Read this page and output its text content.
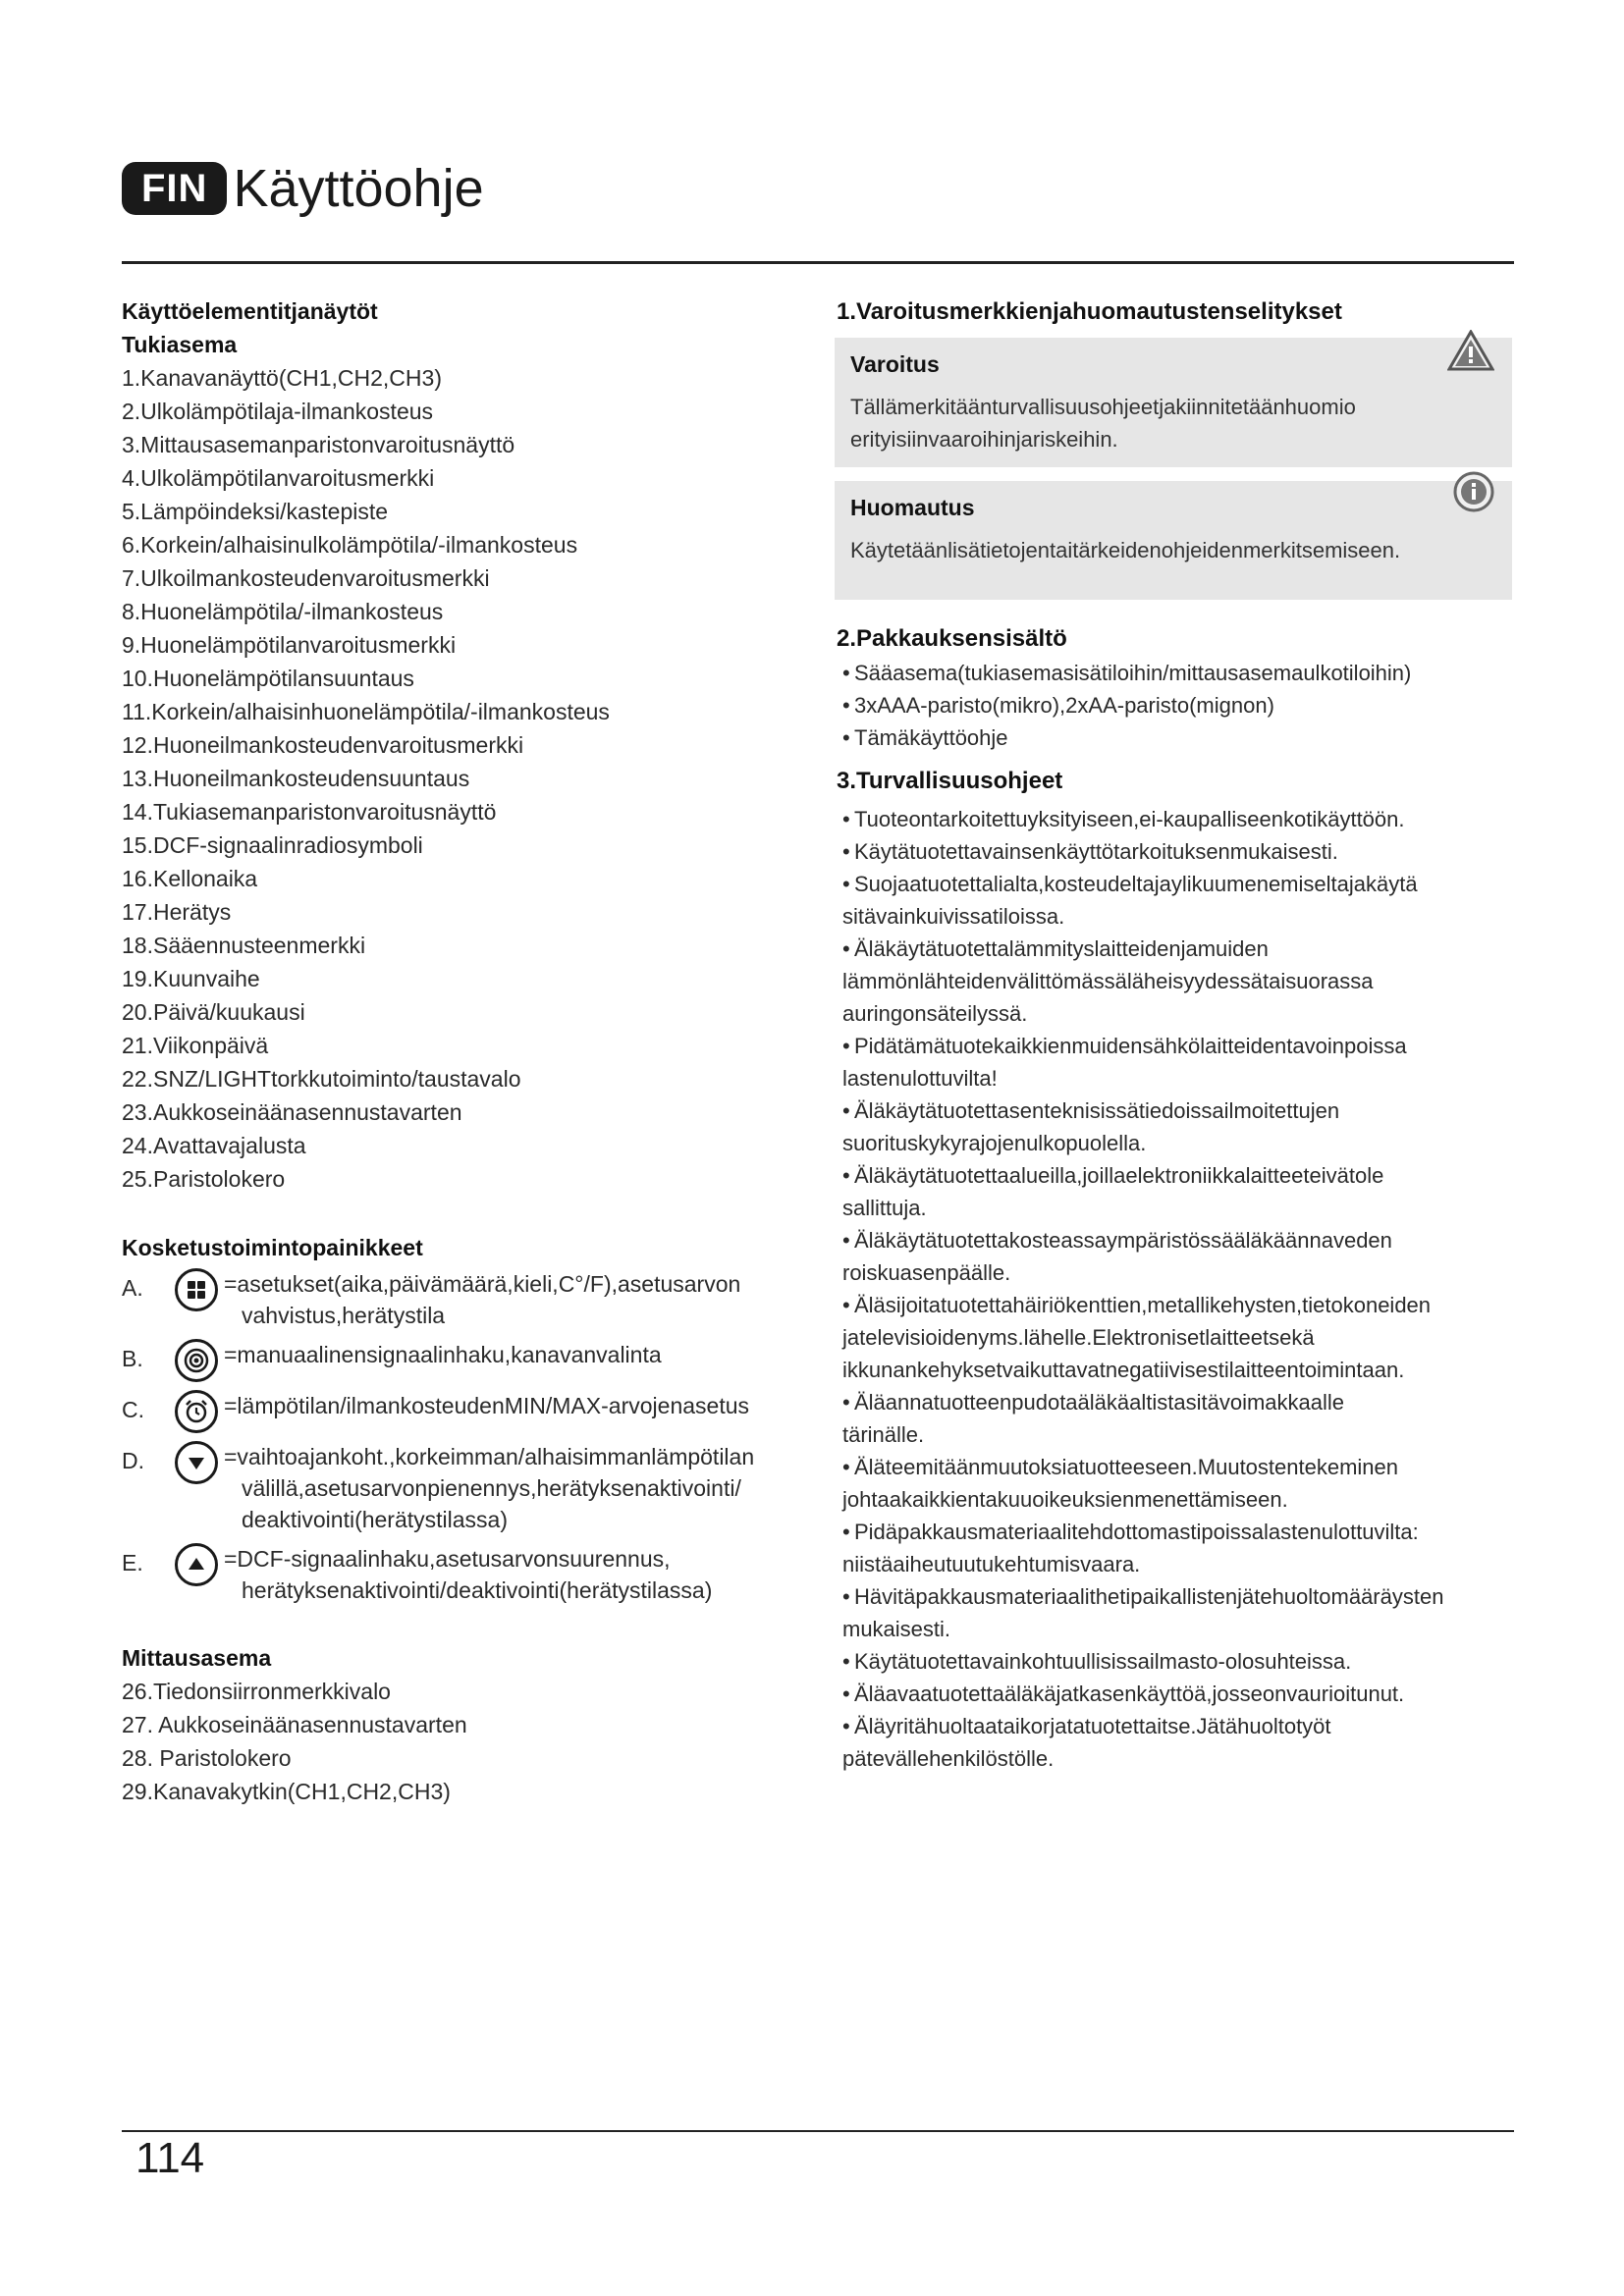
FIN Käyttöohje
Käyttöelementitjanäytöt
Tukiasema
1.Kanavanäyttö(CH1,CH2,CH3)
2.Ulkolämpötilaja-ilmankosteus
3.Mittausasemanparistonvaroitusnäyttö
4.Ulkolämpötilanvaroitusmerkki
5.Lämpöindeksi/kastepiste
6.Korkein/alhaisinulkolämpötila/-ilmankosteus
7.Ulkoilmankosteudenvaroitusmerkki
8.Huonelämpötila/-ilmankosteus
9.Huonelämpötilanvaroitusmerkki
10.Huonelämpötilansuuntaus
11.Korkein/alhaisinhuonelämpötila/-ilmankosteus
12.Huoneilmankosteudenvaroitusmerkki
13.Huoneilmankosteudensuuntaus
14.Tukiasemanparistonvaroitusnäyttö
15.DCF-signaalinradiosymboli
16.Kellonaika
17.Herätys
18.Sääennusteenmerkki
19.Kuunvaihe
20.Päivä/kuukausi
21.Viikonpäivä
22.SNZ/LIGHTtorkkutoiminto/taustavalo
23.Aukkoseinäänasennustavarten
24.Avattavajalusta
25.Paristolokero
Kosketustoimintopainikkeet
A.	=asetukset(aika,päivämäärä,kieli,C°/F),asetusarvon
vahvistus,herätystila
B.	=manuaalinensignaalinhaku,kanavanvalinta
C.	=lämpötilan/ilmankosteudenMIN/MAX-arvojenasetus
D.	=vaihtoajankoht.,korkeimman/alhaisimmanlämpötilan
välillä,asetusarvonpienennys,herätyksenaktivointi/
deaktivointi(herätystilassa)
E.	=DCF-signaalinhaku,asetusarvonsuurennus,
herätyksenaktivointi/deaktivointi(herätystilassa)
Mittausasema
26.Tiedonsiirronmerkkivalo
27. Aukkoseinäänasennustavarten
28. Paristolokero
29.Kanavakytkin(CH1,CH2,CH3)
1.Varoitusmerkkienjahuomautustenselitykset
Varoitus
Tällämerkitäänturvallisuusohjeetjakiinnitetäänhuomio
erityisiinvaaroihinjariskeihin.
Huomautus
Käytetäänlisätietojentaitärkeidenohjeidenmerkitsemiseen.
2.Pakkauksensisältö
• Sääasema(tukiasemasisätiloihin/mittausasemaulkotiloihin)
• 3xAAA-paristo(mikro),2xAA-paristo(mignon)
• Tämäkäyttöohje
3.Turvallisuusohjeet
• Tuoteontarkoitettuyksityiseen,ei-kaupalliseenkotikäyttöön.
• Käytätuotettavainsenkäyttötarkoituksenmukaisesti.
• Suojaatuotettalialta,kosteudeltajaylikuumenemiseltajakäytä
sitävainkuivissatiloissa.
• Äläkäytätuotettalämmityslaitteidenjamuiden
lämmönlähteidenvälittömässäläheisyydessätaisuorassa
auringonsäteilyssä.
• Pidätämätuotekaikkienmuidensähkölaitteidentavoinpoissa
lastenulottuvilta!
• Äläkäytätuotettasenteknisissätiedoissailmoitettujen
suorituskykyrajojenulkopuolella.
• Äläkäytätuotettaalueilla,joillaelektroniikkalaitteeteivätole
sallittuja.
• Äläkäytätuotettakosteassaympäristössääläkäännaveden
roiskuasenpäälle.
• Äläsijoitatuotettahäiriökenttien,metallikehysten,tietokoneiden
jatelevisioidenyms.lähelle.Elektronisetlaitteetsekä
ikkunankehyksetvaikuttavatnegatiivisestilaitteentoimintaan.
• Äläannatuotteenpudotaäläkäaltistasitävoimakkaalle
tärinälle.
• Äläteemitäänmuutoksiatuotteeseen.Muutostentekeminen
johtaakaikkientakuuoikeuksienmenettämiseen.
• Pidäpakkausmateriaalitehdottomastipoissalastenulottuvilta:
niistäaiheutuutukehtumisvaara.
• Hävitäpakkausmateriaalithetipaikallistenjätehuoltomääräysten
mukaisesti.
• Käytätuotettavainkohtuullisissailmasto-olosuhteissa.
• Äläavaatuotettaäläkäjatkasenkäyttöä,josseonvaurioitunut.
• Äläyritähuoltaataikorjatatuotettaitse.Jätähuoltotyöt
pätevällehenkilöstölle.
114
